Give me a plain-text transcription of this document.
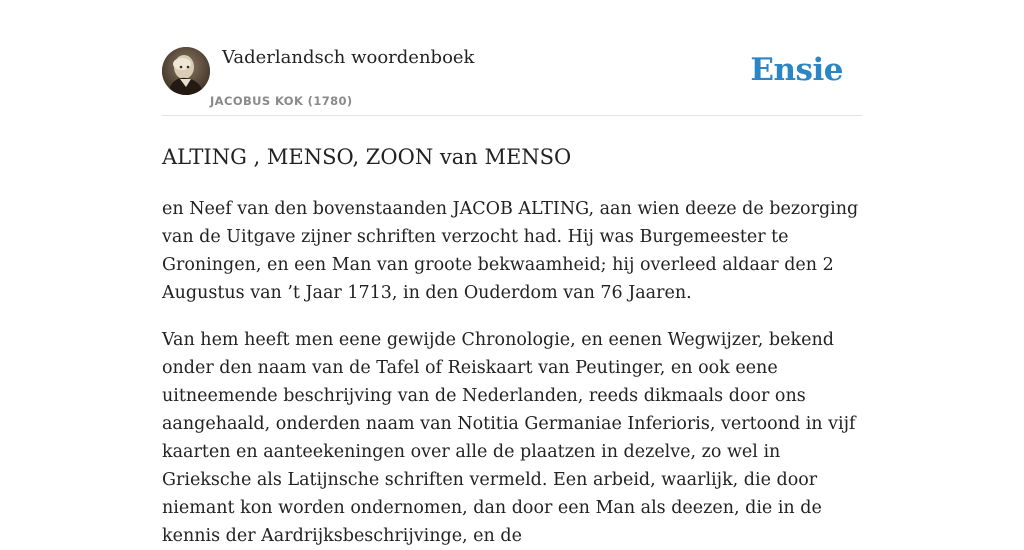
Vaderlandsch woordenboek
JACOBUS KOK (1780)
Ensie
ALTING , MENSO, ZOON van MENSO

en Neef van den bovenstaanden JACOB ALTING, aan wien deeze de bezorging van de Uitgave zijner schriften verzocht had. Hij was Burgemeester te Groningen, en een Man van groote bekwaamheid; hij overleed aldaar den 2 Augustus van ’t Jaar 1713, in den Ouderdom van 76 Jaaren.

Van hem heeft men eene gewijde Chronologie, en eenen Wegwijzer, bekend onder den naam van de Tafel of Reiskaart van Peutinger, en ook eene uitneemende beschrijving van de Nederlanden, reeds dikmaals door ons aangehaald, onderden naam van Notitia Germaniae Inferioris, vertoond in vijf kaarten en aanteekeningen over alle de plaatzen in dezelve, zo wel in Grieksche als Latijnsche schriften vermeld. Een arbeid, waarlijk, die door niemant kon worden ondernomen, dan door een Man als deezen, die in de kennis der Aardrijksbeschrijvinge, en de
